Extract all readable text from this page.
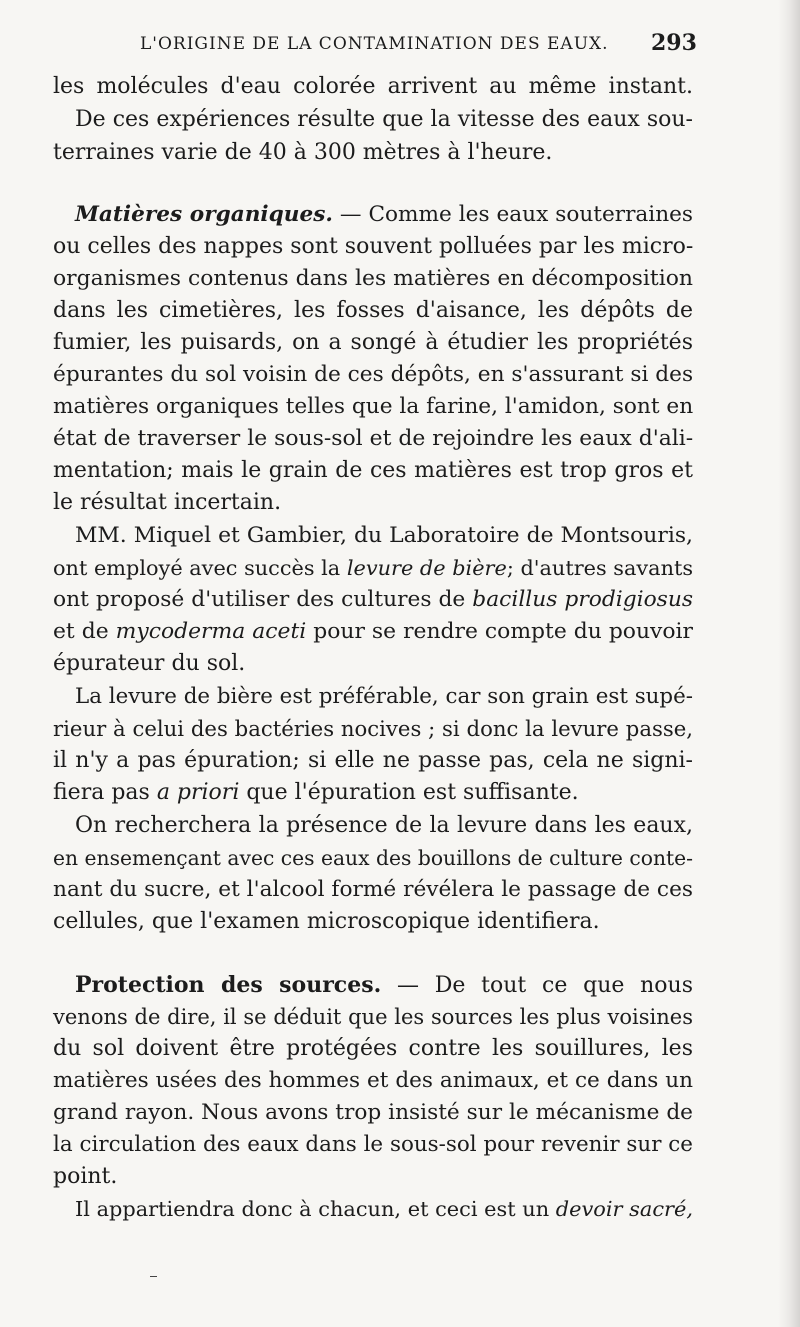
L'ORIGINE DE LA CONTAMINATION DES EAUX. 293
les molécules d'eau colorée arrivent au même instant.
De ces expériences résulte que la vitesse des eaux sou-
terraines varie de 40 à 300 mètres à l'heure.
Matières organiques. — Comme les eaux souterraines
ou celles des nappes sont souvent polluées par les micro-
organismes contenus dans les matières en décomposition
dans les cimetières, les fosses d'aisance, les dépôts de
fumier, les puisards, on a songé à étudier les propriétés
épurantes du sol voisin de ces dépôts, en s'assurant si des
matières organiques telles que la farine, l'amidon, sont en
état de traverser le sous-sol et de rejoindre les eaux d'ali-
mentation; mais le grain de ces matières est trop gros et
le résultat incertain.
MM. Miquel et Gambier, du Laboratoire de Montsouris,
ont employé avec succès la levure de bière; d'autres savants
ont proposé d'utiliser des cultures de bacillus prodigiosus
et de mycoderma aceti pour se rendre compte du pouvoir
épurateur du sol.
La levure de bière est préférable, car son grain est supé-
rieur à celui des bactéries nocives ; si donc la levure passe,
il n'y a pas épuration; si elle ne passe pas, cela ne signi-
fiera pas a priori que l'épuration est suffisante.
On recherchera la présence de la levure dans les eaux,
en ensemençant avec ces eaux des bouillons de culture conte-
nant du sucre, et l'alcool formé révélera le passage de ces
cellules, que l'examen microscopique identifiera.
Protection des sources. — De tout ce que nous
venons de dire, il se déduit que les sources les plus voisines
du sol doivent être protégées contre les souillures, les
matières usées des hommes et des animaux, et ce dans un
grand rayon. Nous avons trop insisté sur le mécanisme de
la circulation des eaux dans le sous-sol pour revenir sur ce
point.
Il appartiendra donc à chacun, et ceci est un devoir sacré,
